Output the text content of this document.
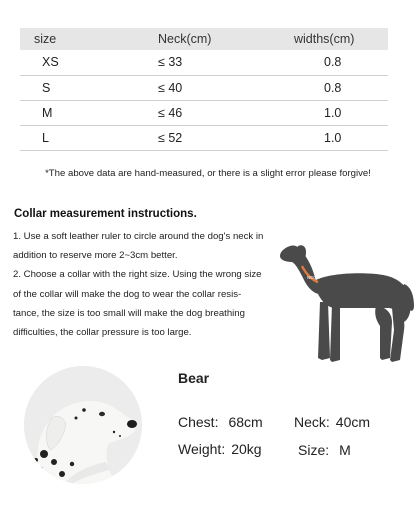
size	Neck(cm)	widths(cm)
XS	≤ 33	0.8
S	≤ 40	0.8
M	≤ 46	1.0
L	≤ 52	1.0
*The above data are hand-measured, or there is a slight error please forgive!
Collar measurement instructions.

1. Use a soft leather ruler to circle around the dog's neck in

addition to reserve more 2~3cm better.

2. Choose a collar with the right size. Using the wrong size

of the collar will make the dog to wear the collar resis-

tance, the size is too small will make the dog breathing

difficulties, the collar pressure is too large.

NECK
Bear
Chest: 68cm Neck: 40cm
Weight: 20kg	Size: M
